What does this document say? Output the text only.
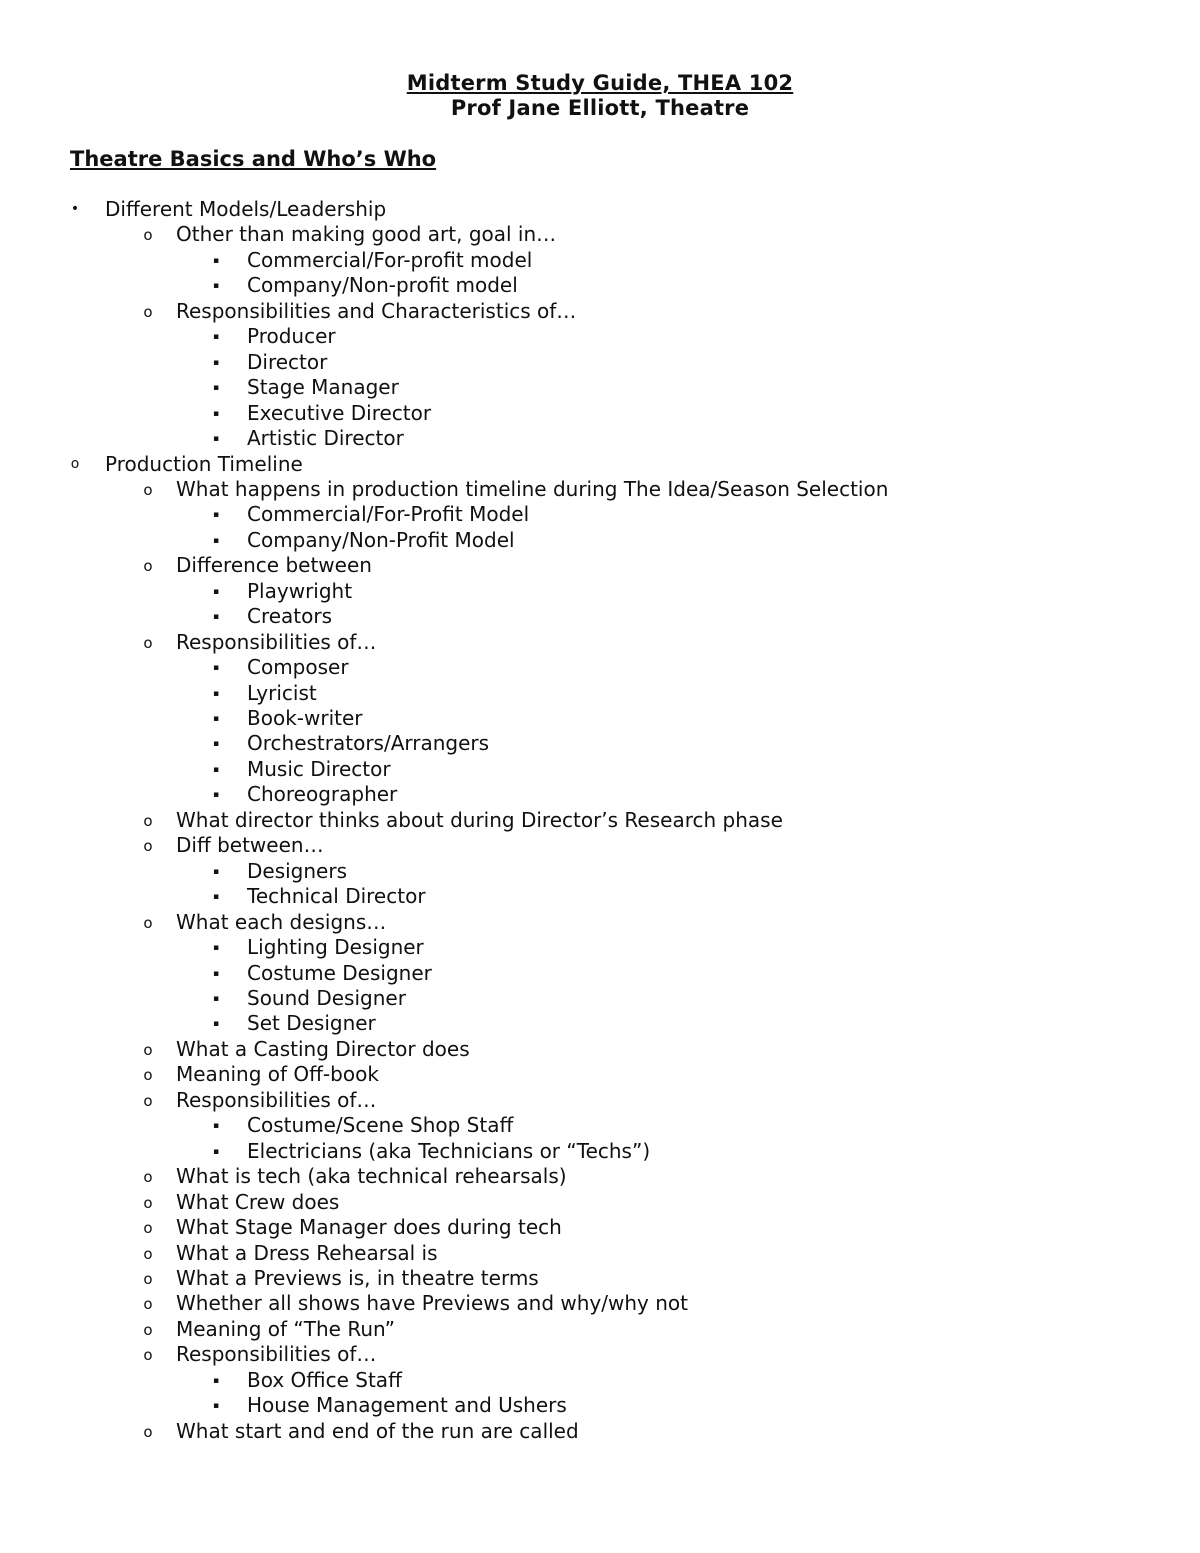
Midterm Study Guide, THEA 102
Prof Jane Elliott, Theatre
Theatre Basics and Who’s Who
• Different Models/Leadership
o Other than making good art, goal in…
▪ Commercial/For-profit model
▪ Company/Non-profit model
o Responsibilities and Characteristics of…
▪ Producer
▪ Director
▪ Stage Manager
▪ Executive Director
▪ Artistic Director
o Production Timeline
o What happens in production timeline during The Idea/Season Selection
▪ Commercial/For-Profit Model
▪ Company/Non-Profit Model
o Difference between
▪ Playwright
▪ Creators
o Responsibilities of…
▪ Composer
▪ Lyricist
▪ Book-writer
▪ Orchestrators/Arrangers
▪ Music Director
▪ Choreographer
o What director thinks about during Director’s Research phase
o Diff between…
▪ Designers
▪ Technical Director
o What each designs…
▪ Lighting Designer
▪ Costume Designer
▪ Sound Designer
▪ Set Designer
o What a Casting Director does
o Meaning of Off-book
o Responsibilities of…
▪ Costume/Scene Shop Staff
▪ Electricians (aka Technicians or “Techs”)
o What is tech (aka technical rehearsals)
o What Crew does
o What Stage Manager does during tech
o What a Dress Rehearsal is
o What a Previews is, in theatre terms
o Whether all shows have Previews and why/why not
o Meaning of “The Run”
o Responsibilities of…
▪ Box Office Staff
▪ House Management and Ushers
o What start and end of the run are called
